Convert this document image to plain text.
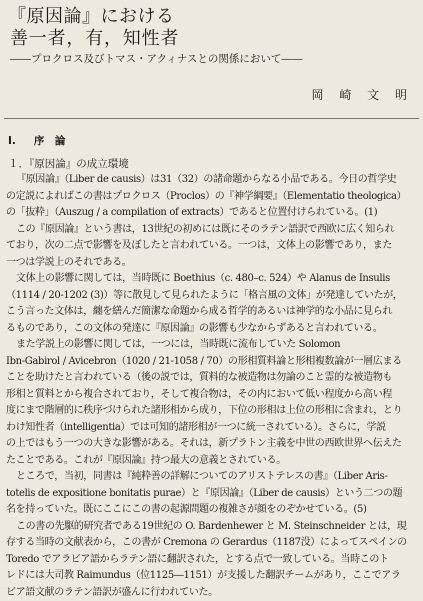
『原因論』における
善一者，有，知性者
――プロクロス及びトマス・アクィナスとの関係において――
岡 崎 文 明
I. 序　論
１．『原因論』の成立環境
『原因論』（Liber de causis）は31（32）の諸命題からなる小品である。今日の哲学史
の定説によればこの書はプロクロス（Proclos）の『神学綱要』（Elementatio theologica）
の「抜粋」（Auszug / a compilation of extracts）であると位置付けられている。(1)
この『原因論』という書は，13世紀の初めには既にそのラテン語訳で西欧に広く知られ
ており，次の二点で影響を及ぼしたと言われている。一つは，文体上の影響であり，また
一つは学説上のそれである。
文体上の影響に関しては，当時既に Boethius（c. 480–c. 524）や Alanus de Insulis
（1114 / 20-1202 (3)）等に散見して見られたように「格言風の文体」が発達していたが，
こう言った文体は，纏を繕んだ簡潔な命題から成る哲学的あるいは神学的な小品に見られ
るものであり，この文体の発達に『原因論』の影響も少なからずあると言われている。
また学説上の影響に関しては，一つには，当時既に流布していた Solomon
Ibn-Gabirol / Avicebron（1020 / 21-1058 / 70）の形相質料論と形相複数論が一層広まる
ことを助けたと言われている（後の説では，質料的な被造物は勿論のこと霊的な被造物も
形相と質料とから複合されており，そして複合物は，その内において低い程度から高い程
度にまで階層的に秩序づけられた諸形相から成り，下位の形相は上位の形相に含まれ，とり
わけ知性者（intelligentia）では可知的諸形相が一つに統一されている）。さらに，学説
の上ではもう一つの大きな影響がある。それは，新プラトン主義を中世の西欧世界へ伝えた
たことである。これが『原因論』持つ最大の意義とされている。
ところで，当初，同書は『純粋善の詳解についてのアリストテレスの書』（Liber Aris-
totelis de expositione bonitatis purae）と『原因論』（Liber de causis）という二つの題
名を持っていた。既にここにこの書の起源問題の複雑さが顔をのぞかせている。(5)
この書の先駆的研究者である19世紀の O. Bardenhewer と M. Steinschneider とは，現
存する当時の文献表から，この書が Cremona の Gerardus（1187没）によってスペインの
Toredo でアラビア語からラテン語に翻訳された，とする点で一致している。当時このト
レドには大司教 Raimundus（位1125―1151）が支援した翻訳チームがあり，ここでアラ
ビア語文献のラテン語訳が盛んに行われていた。
